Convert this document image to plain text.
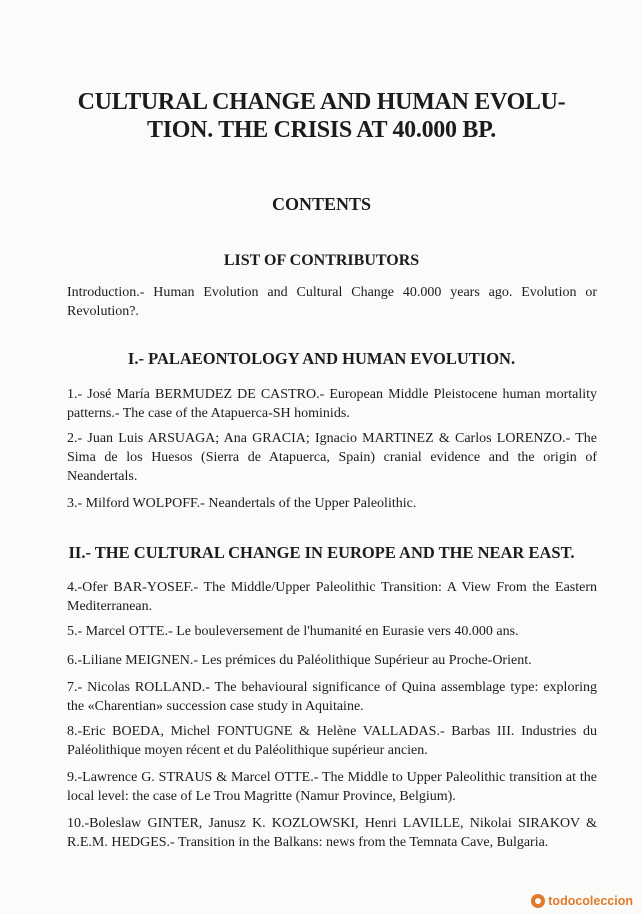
CULTURAL CHANGE AND HUMAN EVOLU-
TION. THE CRISIS AT 40.000 BP.
CONTENTS
LIST OF CONTRIBUTORS

Introduction.- Human Evolution and Cultural Change 40.000 years ago. Evolution or Revolution?.

I.- PALAEONTOLOGY AND HUMAN EVOLUTION.

1.- José María BERMUDEZ DE CASTRO.- European Middle Pleistocene human mortality patterns.- The case of the Atapuerca-SH hominids.

2.- Juan Luis ARSUAGA; Ana GRACIA; Ignacio MARTINEZ & Carlos LORENZO.- The Sima de los Huesos (Sierra de Atapuerca, Spain) cranial evidence and the origin of Neandertals.

3.- Milford WOLPOFF.- Neandertals of the Upper Paleolithic.

II.- THE CULTURAL CHANGE IN EUROPE AND THE NEAR EAST.

4.-Ofer BAR-YOSEF.- The Middle/Upper Paleolithic Transition: A View From the Eastern Mediterranean.

5.- Marcel OTTE.- Le bouleversement de l'humanité en Eurasie vers 40.000 ans.

6.-Liliane MEIGNEN.- Les prémices du Paléolithique Supérieur au Proche-Orient.

7.- Nicolas ROLLAND.- The behavioural significance of Quina assemblage type: exploring the «Charentian» succession case study in Aquitaine.

8.-Eric BOEDA, Michel FONTUGNE & Helène VALLADAS.- Barbas III. Industries du Paléolithique moyen récent et du Paléolithique supérieur ancien.

9.-Lawrence G. STRAUS & Marcel OTTE.- The Middle to Upper Paleolithic transition at the local level: the case of Le Trou Magritte (Namur Province, Belgium).

10.-Boleslaw GINTER, Janusz K. KOZLOWSKI, Henri LAVILLE, Nikolai SIRAKOV & R.E.M. HEDGES.- Transition in the Balkans: news from the Temnata Cave, Bulgaria.

todocoleccion
